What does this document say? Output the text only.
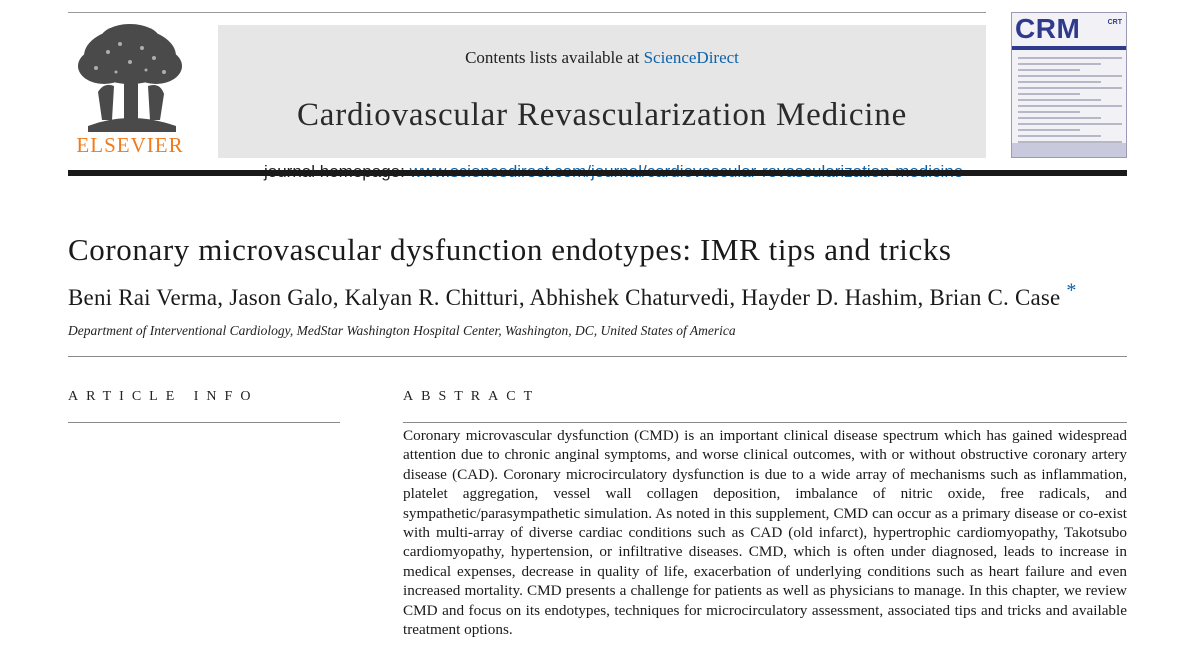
ELSEVIER
Contents lists available at ScienceDirect
Cardiovascular Revascularization Medicine
CRM	CRT
Coronary microvascular dysfunction endotypes: IMR tips and tricks
Beni Rai Verma, Jason Galo, Kalyan R. Chitturi, Abhishek Chaturvedi, Hayder D. Hashim, Brian C. Case *
Department of Interventional Cardiology, MedStar Washington Hospital Center, Washington, DC, United States of America
ARTICLE INFO	ABSTRACT

Coronary microvascular dysfunction (CMD) is an important clinical disease spectrum which has gained widespread attention due to chronic anginal symptoms, and worse clinical outcomes, with or without obstructive coronary artery disease (CAD). Coronary microcirculatory dysfunction is due to a wide array of mechanisms such as inflammation, platelet aggregation, vessel wall collagen deposition, imbalance of nitric oxide, free radicals, and sympathetic/parasympathetic simulation. As noted in this supplement, CMD can occur as a primary disease or co-exist with multi-array of diverse cardiac conditions such as CAD (old infarct), hypertrophic cardiomyopathy, Takotsubo cardiomyopathy, hypertension, or infiltrative diseases. CMD, which is often under diagnosed, leads to increase in medical expenses, decrease in quality of life, exacerbation of underlying conditions such as heart failure and even increased mortality. CMD presents a challenge for patients as well as physicians to manage. In this chapter, we review CMD and focus on its endotypes, techniques for microcirculatory assessment, associated tips and tricks and available treatment options.
